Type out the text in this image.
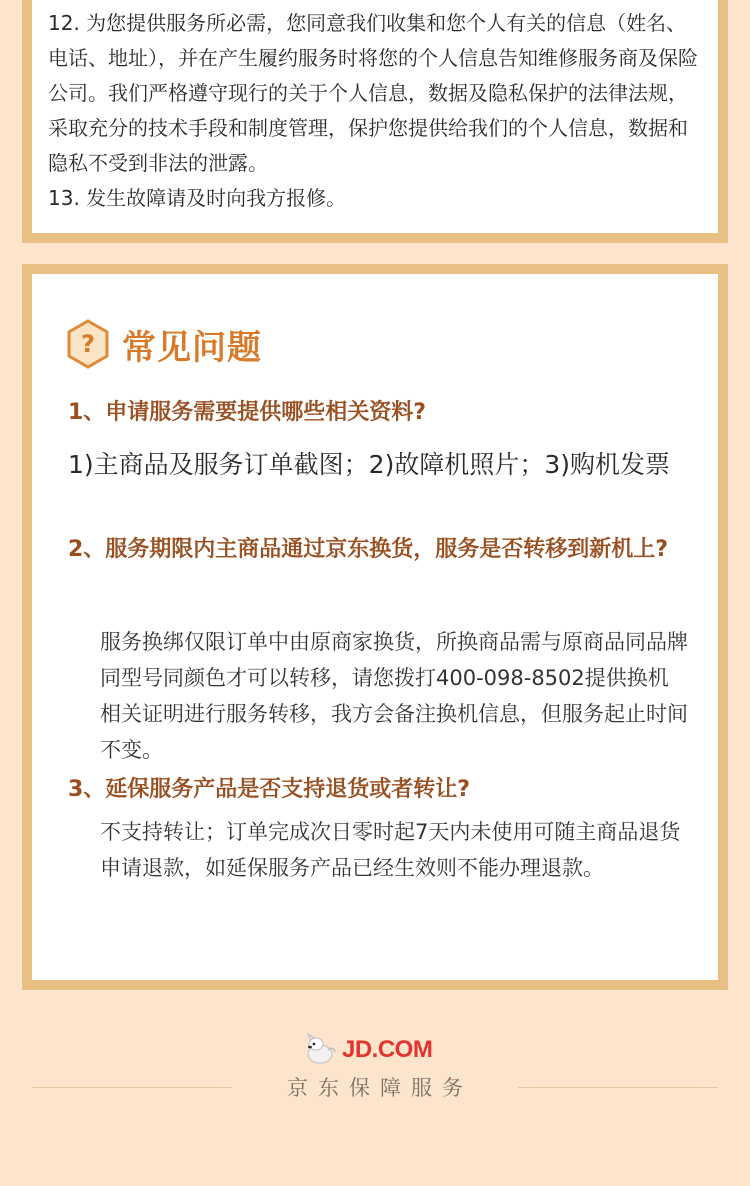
12. 为您提供服务所必需，您同意我们收集和您个人有关的信息（姓名、电话、地址），并在产生履约服务时将您的个人信息告知维修服务商及保险公司。我们严格遵守现行的关于个人信息，数据及隐私保护的法律法规，采取充分的技术手段和制度管理，保护您提供给我们的个人信息，数据和隐私不受到非法的泄露。

13. 发生故障请及时向我方报修。

? 常见问题

1、申请服务需要提供哪些相关资料?

1)主商品及服务订单截图；2)故障机照片；3)购机发票

2、服务期限内主商品通过京东换货，服务是否转移到新机上?

服务换绑仅限订单中由原商家换货，所换商品需与原商品同品牌同型号同颜色才可以转移，请您拨打400-098-8502提供换机相关证明进行服务转移，我方会备注换机信息，但服务起止时间不变。

3、延保服务产品是否支持退货或者转让?

不支持转让；订单完成次日零时起7天内未使用可随主商品退货申请退款，如延保服务产品已经生效则不能办理退款。

JD.COM
京东保障服务
